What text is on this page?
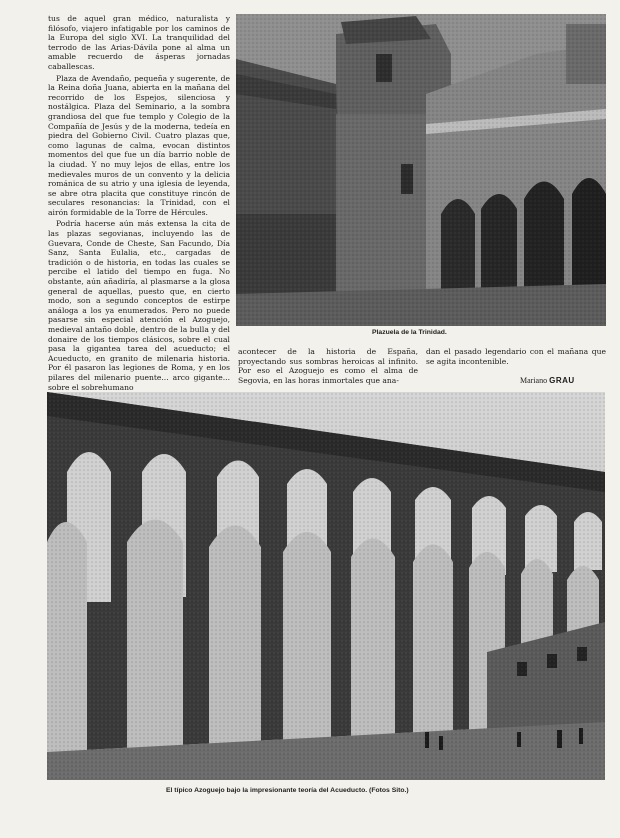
tus de aquel gran médico, naturalista y filósofo, viajero infatigable por los caminos de la Europa del siglo XVI. La tranquilidad del terrodo de las Arias-Dávila pone al alma un amable recuerdo de ásperas jornadas caballescas.

Plaza de Avendaño, pequeña y sugerente, de la Reina doña Juana, abierta en la mañana del recorrido de los Espejos, silenciosa y nostálgica. Plaza del Seminario, a la sombra grandiosa del que fue templo y Colegio de la Compañía de Jesús y de la moderna, tedeía en piedra del Gobierno Civil. Cuatro plazas que, como lagunas de calma, evocan distintos momentos del que fue un día barrio noble de la ciudad. Y no muy lejos de ellas, entre los medievales muros de un convento y la delicia románica de su atrio y una iglesia de leyenda, se abre otra placita que constituye rincón de seculares resonancias: la Trinidad, con el airón formidable de la Torre de Hércules.

Podría hacerse aún más extensa la cita de las plazas segovianas, incluyendo las de Guevara, Conde de Cheste, San Facundo, Día Sanz, Santa Eulalia, etc., cargadas de tradición o de historia, en todas las cuales se percibe el latido del tiempo en fuga. No obstante, aún añadiría, al plasmarse a la glosa general de aquellas, puesto que, en cierto modo, son a segundo conceptos de estirpe análoga a los ya enumerados. Pero no puede pasarse sin especial atención el Azoguejo, medieval antaño doble, dentro de la bulla y del donaire de los tiempos clásicos, sobre el cual pasa la gigantea tarea del acueducto; el Acueducto, en granito de milenaria historia. Por él pasaron las legiones de Roma, y en los pilares del milenario puente... arco gigante... sobre el sobrehumano

Plazuela de la Trinidad.

acontecer de la historia de España, proyectando sus sombras heroicas al infinito. Por eso el Azoguejo es como el alma de Segovia, en las horas inmortales que ana-

dan el pasado legendario con el mañana que se agita incontenible.

Mariano GRAU
El típico Azoguejo bajo la impresionante teoría del Acueducto. (Fotos Sito.)
